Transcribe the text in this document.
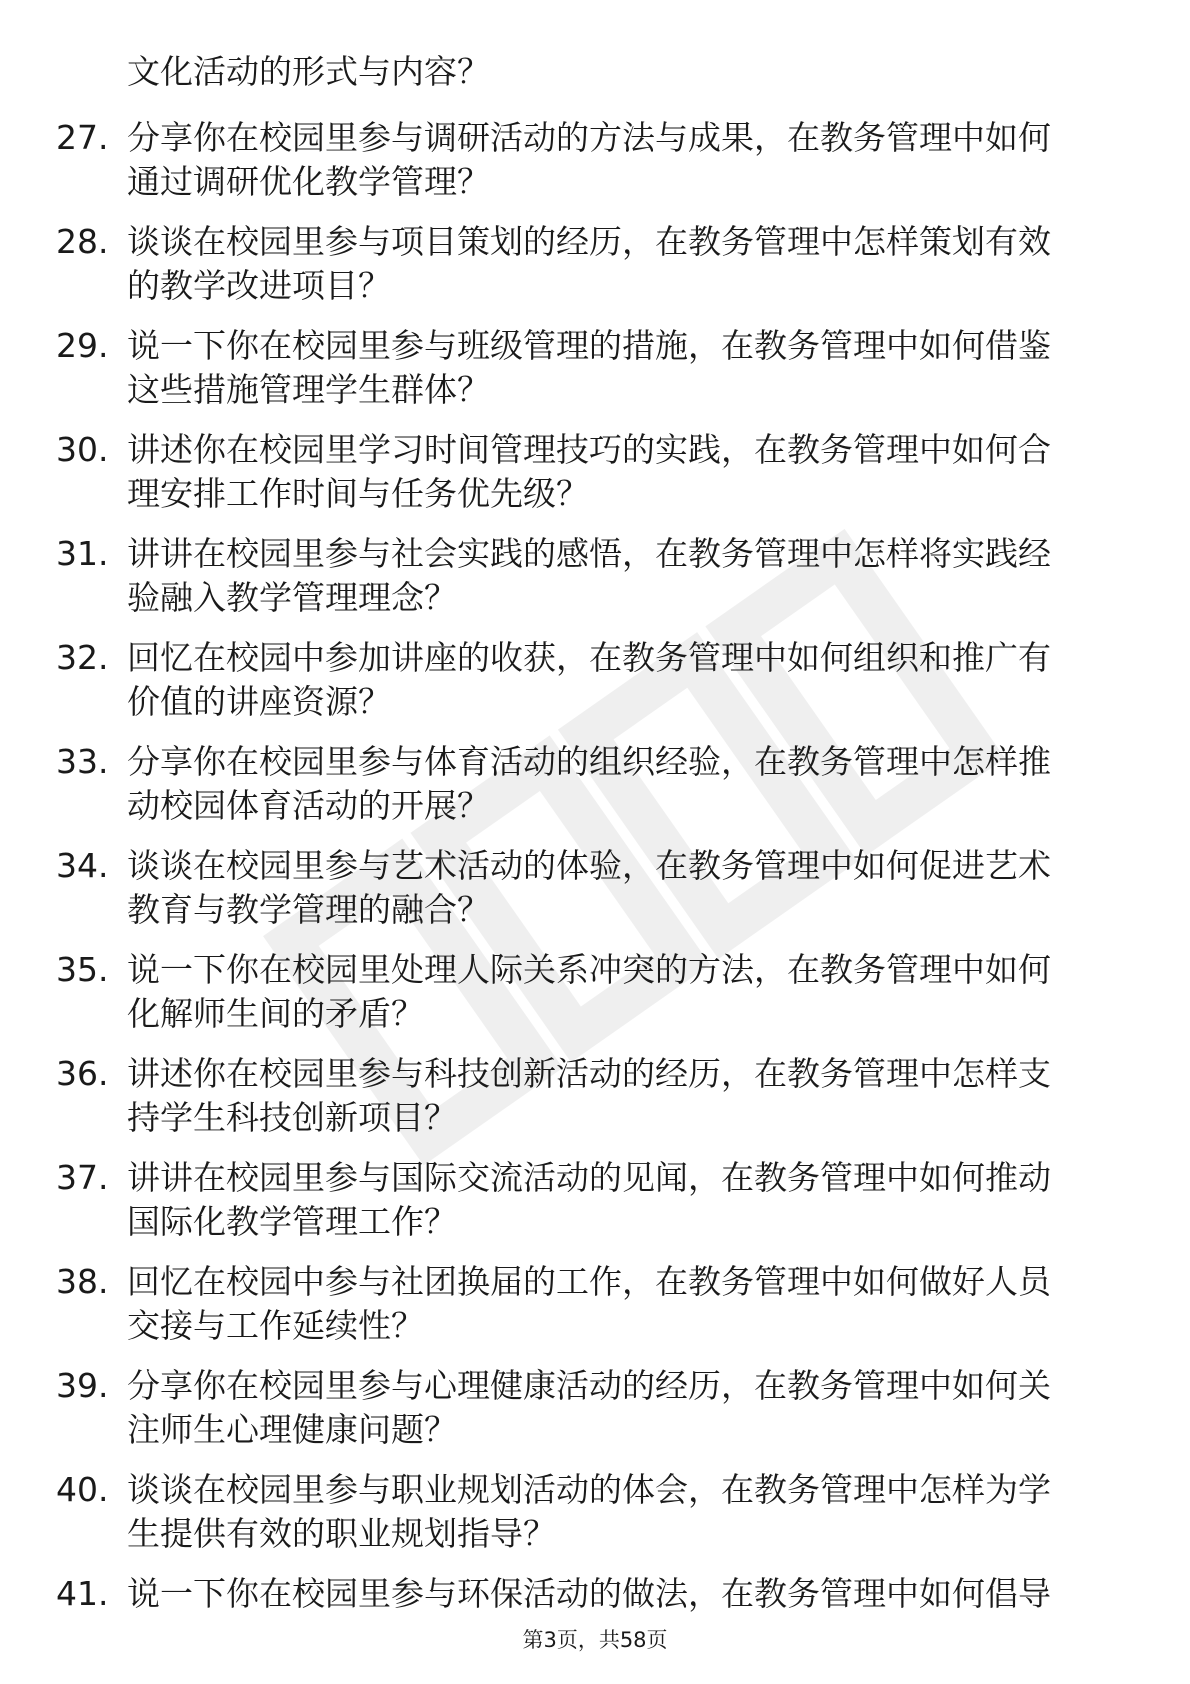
文化活动的形式与内容？
27. 分享你在校园里参与调研活动的方法与成果，在教务管理中如何
通过调研优化教学管理？
28. 谈谈在校园里参与项目策划的经历，在教务管理中怎样策划有效
的教学改进项目？
29. 说一下你在校园里参与班级管理的措施，在教务管理中如何借鉴
这些措施管理学生群体？
30. 讲述你在校园里学习时间管理技巧的实践，在教务管理中如何合
理安排工作时间与任务优先级？
31. 讲讲在校园里参与社会实践的感悟，在教务管理中怎样将实践经
验融入教学管理理念？
32. 回忆在校园中参加讲座的收获，在教务管理中如何组织和推广有
价值的讲座资源？
33. 分享你在校园里参与体育活动的组织经验，在教务管理中怎样推
动校园体育活动的开展？
34. 谈谈在校园里参与艺术活动的体验，在教务管理中如何促进艺术
教育与教学管理的融合？
35. 说一下你在校园里处理人际关系冲突的方法，在教务管理中如何
化解师生间的矛盾？
36. 讲述你在校园里参与科技创新活动的经历，在教务管理中怎样支
持学生科技创新项目？
37. 讲讲在校园里参与国际交流活动的见闻，在教务管理中如何推动
国际化教学管理工作？
38. 回忆在校园中参与社团换届的工作，在教务管理中如何做好人员
交接与工作延续性？
39. 分享你在校园里参与心理健康活动的经历，在教务管理中如何关
注师生心理健康问题？
40. 谈谈在校园里参与职业规划活动的体会，在教务管理中怎样为学
生提供有效的职业规划指导？
41. 说一下你在校园里参与环保活动的做法，在教务管理中如何倡导
第3页，共58页
